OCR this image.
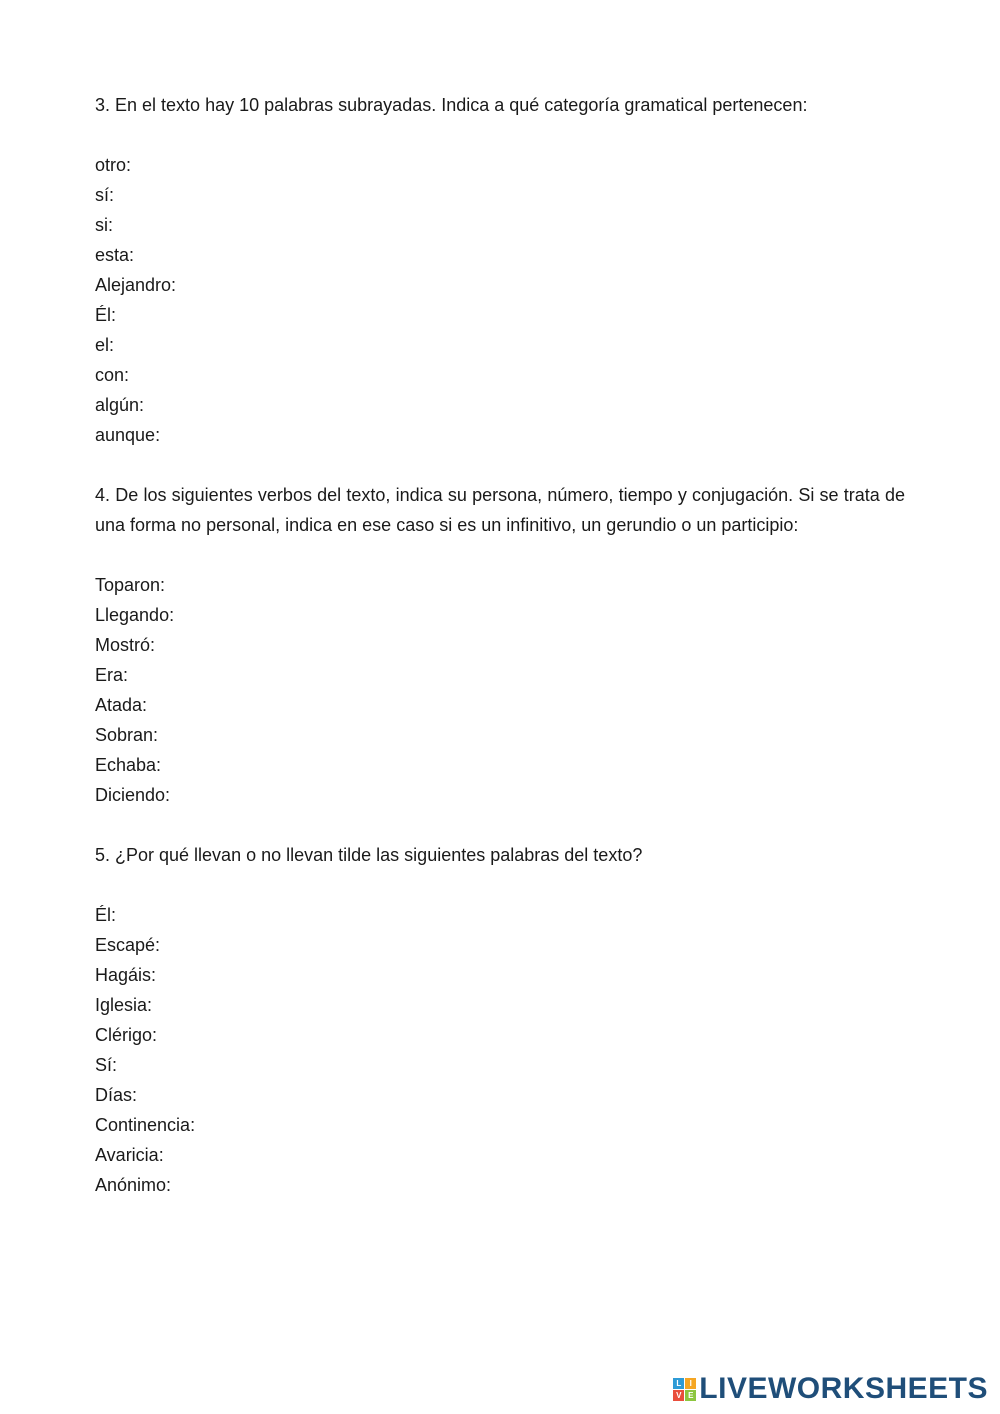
3. En el texto hay 10 palabras subrayadas. Indica a qué categoría gramatical pertenecen:

otro:
sí:
si:
esta:
Alejandro:
Él:
el:
con:
algún:
aunque:

4. De los siguientes verbos del texto, indica su persona, número, tiempo y conjugación. Si se trata de una forma no personal, indica en ese caso si es un infinitivo, un gerundio o un participio:

Toparon:
Llegando:
Mostró:
Era:
Atada:
Sobran:
Echaba:
Diciendo:

5. ¿Por qué llevan o no llevan tilde las siguientes palabras del texto?

Él:
Escapé:
Hagáis:
Iglesia:
Clérigo:
Sí:
Días:
Continencia:
Avaricia:
Anónimo:
L	I
V E LIVEWORKSHEETS
